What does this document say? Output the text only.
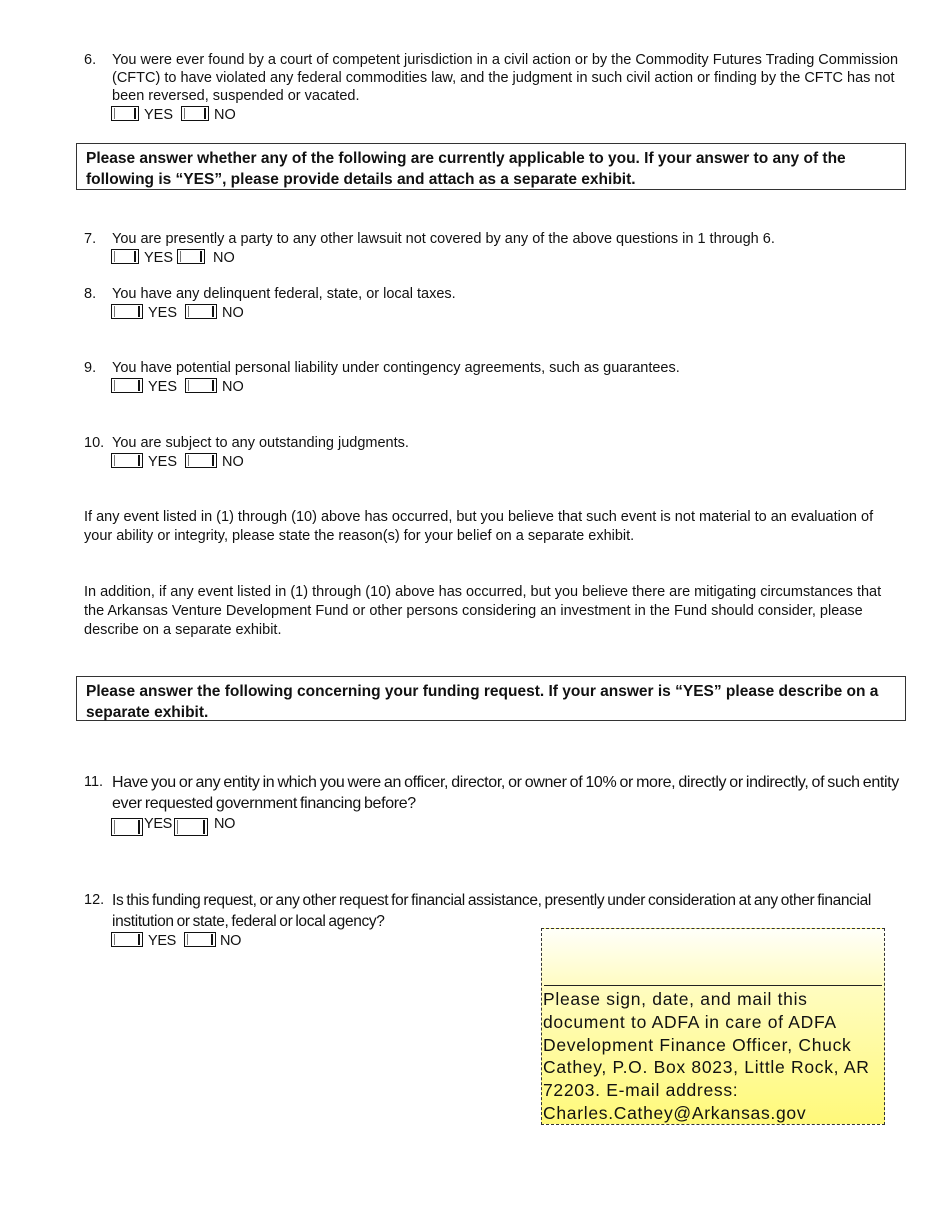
6. You were ever found by a court of competent jurisdiction in a civil action or by the Commodity Futures Trading Commission (CFTC) to have violated any federal commodities law, and the judgment in such civil action or finding by the CFTC has not been reversed, suspended or vacated.
YES	NO
Please answer whether any of the following are currently applicable to you. If your answer to any of the following is “YES”, please provide details and attach as a separate exhibit.
7. You are presently a party to any other lawsuit not covered by any of the above questions in 1 through 6.
YES	NO
8. You have any delinquent federal, state, or local taxes.
YES	NO
9. You have potential personal liability under contingency agreements, such as guarantees.
YES	NO
10. You are subject to any outstanding judgments.
YES	NO
If any event listed in (1) through (10) above has occurred, but you believe that such event is not material to an evaluation of your ability or integrity, please state the reason(s) for your belief on a separate exhibit.
In addition, if any event listed in (1) through (10) above has occurred, but you believe there are mitigating circumstances that the Arkansas Venture Development Fund or other persons considering an investment in the Fund should consider, please describe on a separate exhibit.
Please answer the following concerning your funding request. If your answer is “YES” please describe on a separate exhibit.
11. Have you or any entity in which you were an officer, director, or owner of 10% or more, directly or indirectly, of such entity ever requested government financing before?
YES	NO
12. Is this funding request, or any other request for financial assistance, presently under consideration at any other financial institution or state, federal or local agency?
YES	NO
Please sign, date, and mail this document to ADFA in care of ADFA Development Finance Officer, Chuck Cathey, P.O. Box 8023, Little Rock, AR 72203. E-mail address: Charles.Cathey@Arkansas.gov
